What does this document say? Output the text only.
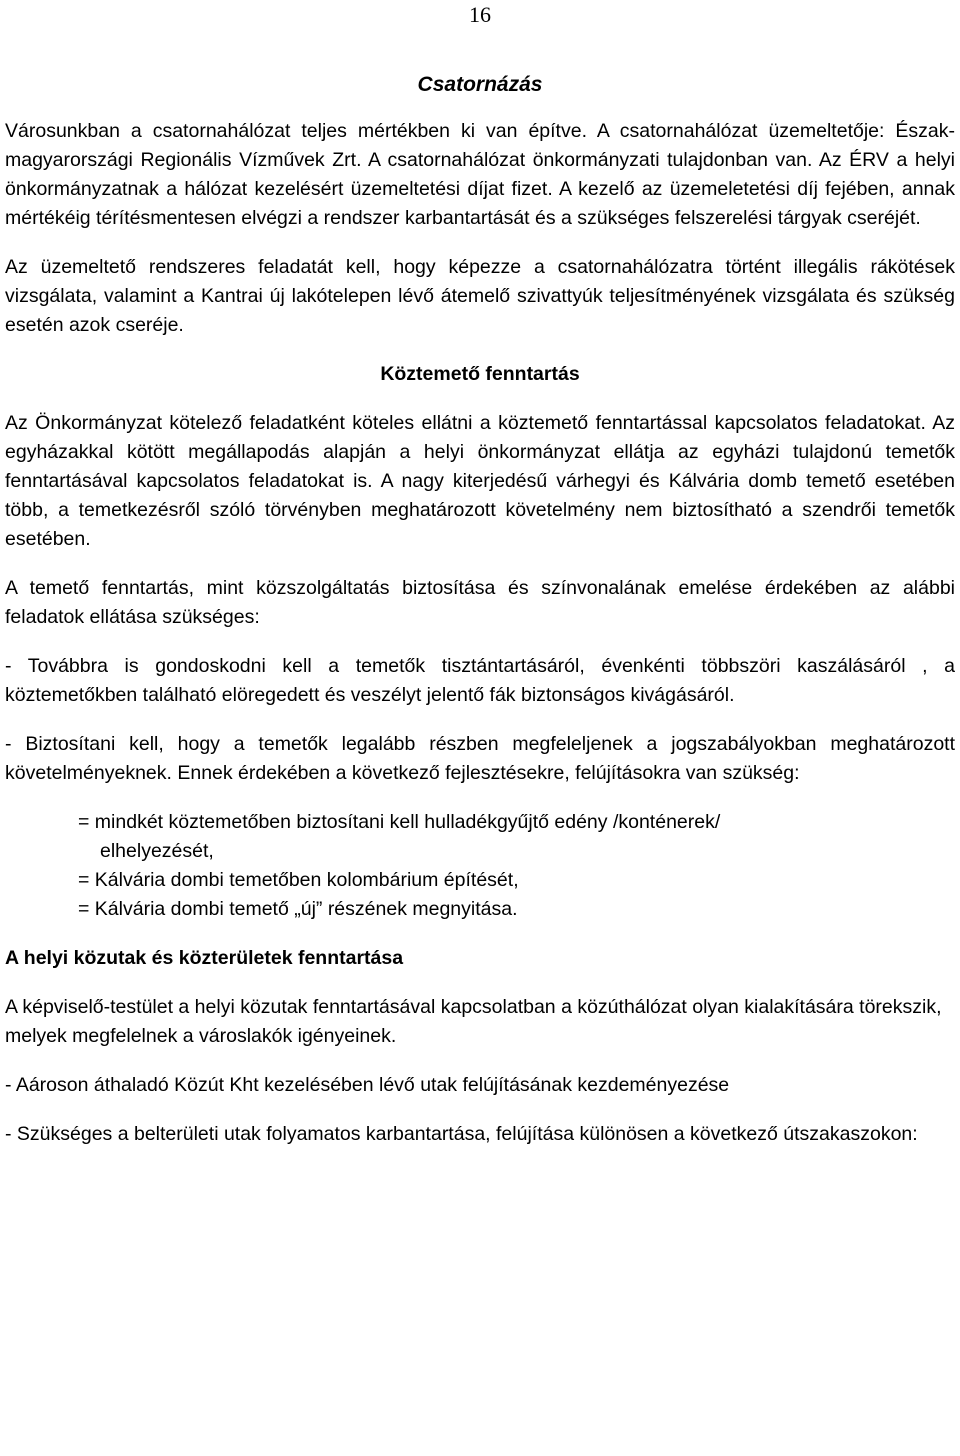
16
Csatornázás

Városunkban a csatornahálózat teljes mértékben ki van építve. A csatornahálózat üzemeltetője: Észak-magyarországi Regionális Vízművek Zrt. A csatornahálózat önkormányzati tulajdonban van. Az ÉRV a helyi önkormányzatnak a hálózat kezelésért üzemeltetési díjat fizet. A kezelő az üzemeletetési díj fejében, annak mértékéig térítésmentesen elvégzi a rendszer karbantartását és a szükséges felszerelési tárgyak cseréjét.

Az üzemeltető rendszeres feladatát kell, hogy képezze a csatornahálózatra történt illegális rákötések vizsgálata, valamint a Kantrai új lakótelepen lévő átemelő szivattyúk teljesítményének vizsgálata és szükség esetén azok cseréje.

Köztemető fenntartás

Az Önkormányzat kötelező feladatként köteles ellátni a köztemető fenntartással kapcsolatos feladatokat. Az egyházakkal kötött megállapodás alapján a helyi önkormányzat ellátja az egyházi tulajdonú temetők fenntartásával kapcsolatos feladatokat is. A nagy kiterjedésű várhegyi és Kálvária domb temető esetében több, a temetkezésről szóló törvényben meghatározott követelmény nem biztosítható a szendrői temetők esetében.

A temető fenntartás, mint közszolgáltatás biztosítása és színvonalának emelése érdekében az alábbi feladatok ellátása szükséges:

- Továbbra is gondoskodni kell a temetők tisztántartásáról, évenkénti többszöri kaszálásáról , a köztemetőkben található elöregedett és veszélyt jelentő fák biztonságos kivágásáról.

- Biztosítani kell, hogy a temetők legalább részben megfeleljenek a jogszabályokban meghatározott követelményeknek. Ennek érdekében a következő fejlesztésekre, felújításokra van szükség:

= mindkét köztemetőben biztosítani kell hulladékgyűjtő edény /konténerek/
elhelyezését,
= Kálvária dombi temetőben kolombárium építését,
= Kálvária dombi temető „új” részének megnyitása.
A helyi közutak és közterületek fenntartása

A képviselő-testület a helyi közutak fenntartásával kapcsolatban a közúthálózat olyan kialakítására törekszik, melyek megfelelnek a városlakók igényeinek.

- Aároson áthaladó Közút Kht kezelésében lévő utak felújításának kezdeményezése

- Szükséges a belterületi utak folyamatos karbantartása, felújítása különösen a következő útszakaszokon:
